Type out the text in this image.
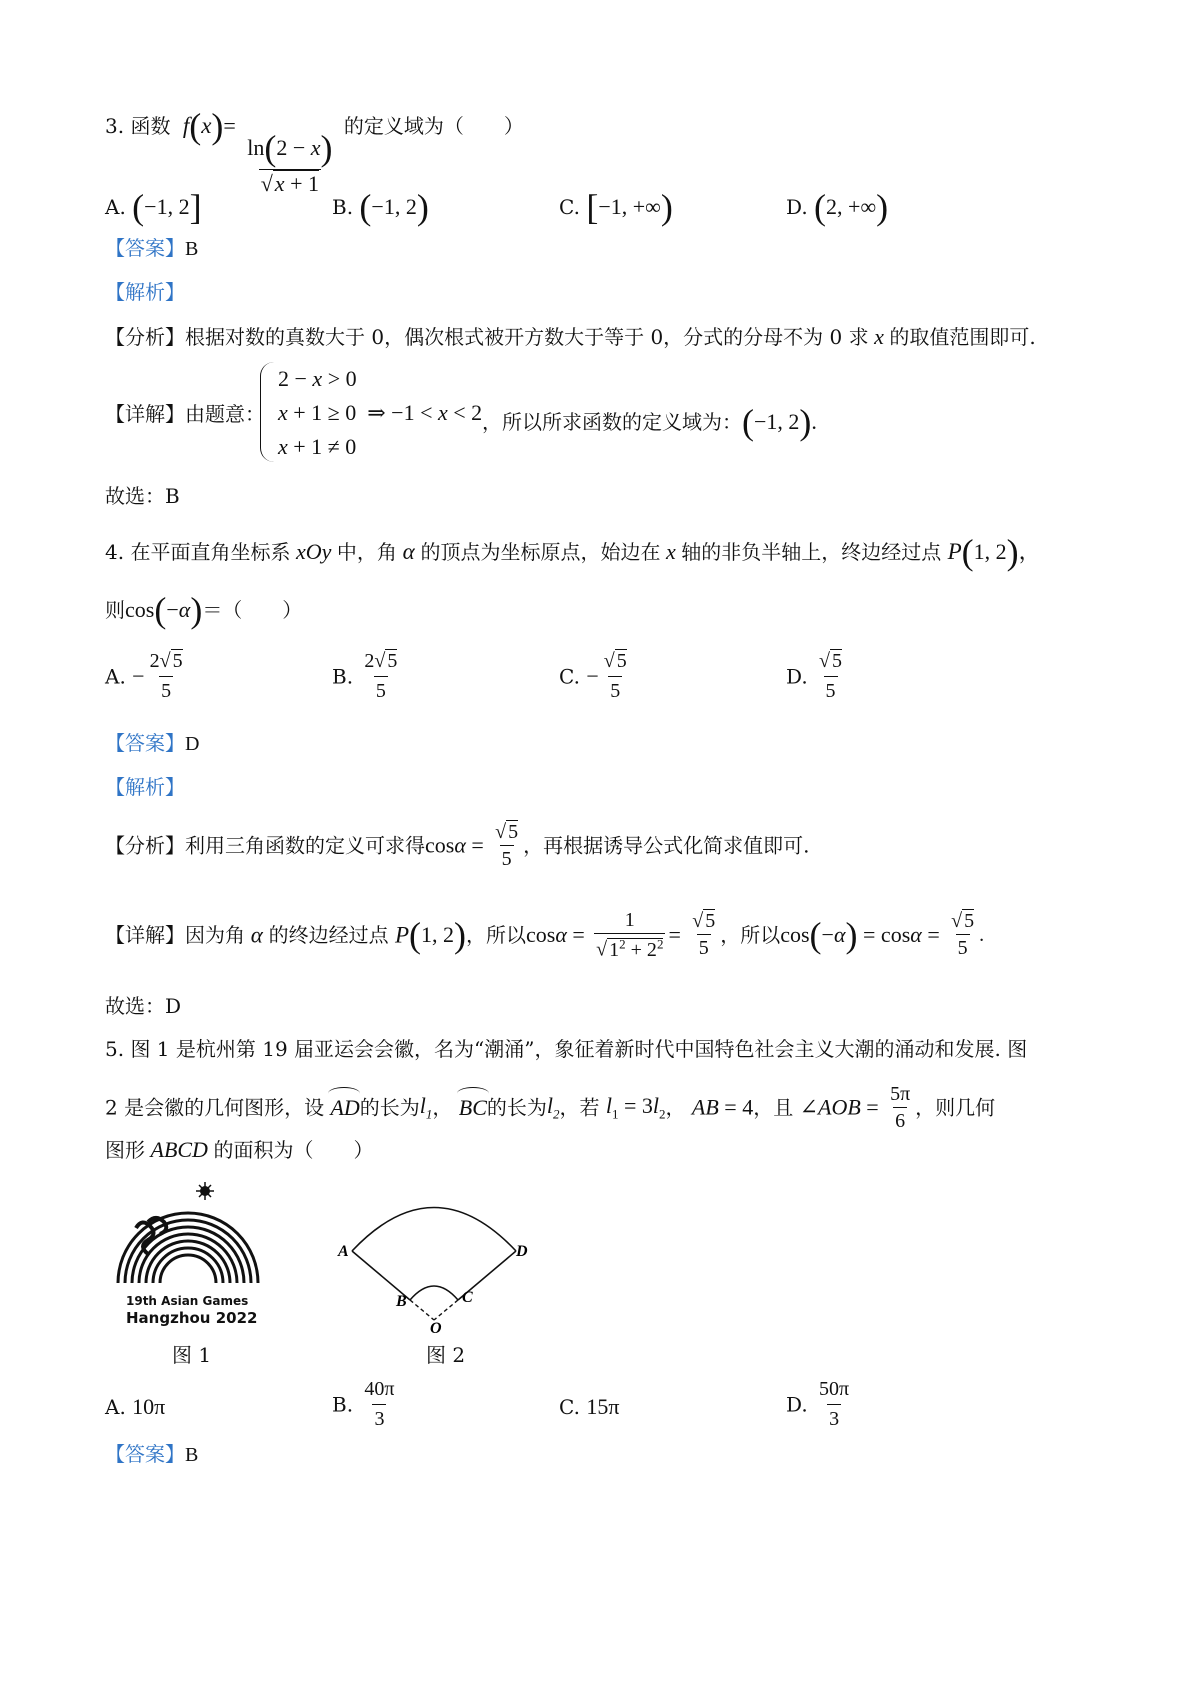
3. 函数 f(x)=
$\frac{\ln(2 - x)}{√x + 1}$
的定义域为（　　）
A. (−1, 2]	B. (−1, 2)	C. [−1, +∞)	D. (2, +∞)
【答案】B
【解析】
【分析】根据对数的真数大于 0，偶次根式被开方数大于等于 0，分式的分母不为 0 求 x 的取值范围即可.
【详解】由题意：
2 − x > 0
x + 1 ≥ 0  ⇒ −1 < x < 2 ，所以所求函数的定义域为：(−1, 2).
x + 1 ≠ 0
故选：B
4. 在平面直角坐标系 xOy 中，角 α 的顶点为坐标原点，始边在 x 轴的非负半轴上，终边经过点 P(1, 2)，
则cos(−α)＝（　　）
A. − $\frac{2√ 5}{5}$	B. $\frac{2√ 5}{5}$	C. − $\frac{√ 5}{5}$	D. $\frac{√ 5}{5}$
【答案】D
【解析】
【分析】利用三角函数的定义可求得$\cos\alpha = \frac{√ 5}{5}$ ，再根据诱导公式化简求值即可.
【详解】因为角 α 的终边经过点 P(1, 2)，所以$\cos\alpha = \frac{1}{√ 1^2 + 2^2} = \frac{√ 5}{5}$ ，所以$\cos(-\alpha) = \cos\alpha = \frac{√ 5}{5}$ .
故选：D
5. 图 1 是杭州第 19 届亚运会会徽，名为“潮涌”，象征着新时代中国特色社会主义大潮的涌动和发展. 图
2 是会徽的几何图形，设 AD
的长为$l_1$， BC
的长为$l_2$，若 $l_1 = 3l_2$， AB = 4，且 ∠AOB = $\frac{5\pi}{6}$ ，则几何
图形 ABCD 的面积为（　　）
19th Asian Games
Hangzhou 2022
图 1
A
B	C
D
O
图 2
A. 10π	B. $\frac{40\pi}{3}$	C. 15π	D. $\frac{50\pi}{3}$
【答案】B
